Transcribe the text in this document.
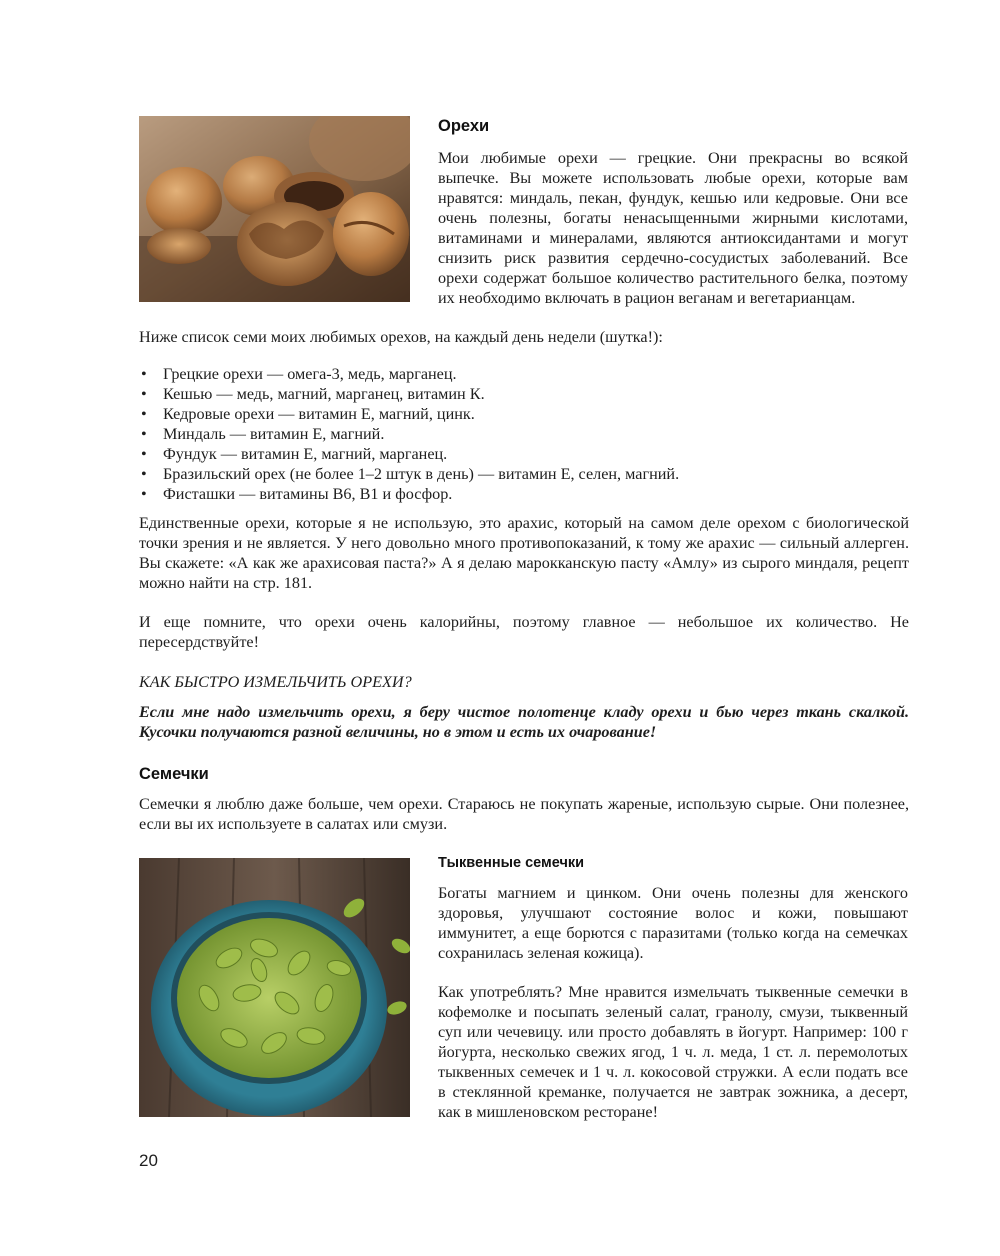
Орехи

Мои любимые орехи — грецкие. Они прекрасны во всякой выпечке. Вы можете использовать любые орехи, которые вам нравятся: миндаль, пекан, фундук, кешью или кедровые. Они все очень полезны, богаты ненасыщенными жирными кислотами, витаминами и минералами, являются антиоксидантами и могут снизить риск развития сердечно-сосудистых заболеваний. Все орехи содержат большое количество растительного белка, поэтому их необходимо включать в рацион веганам и вегетарианцам.

Ниже список семи моих любимых орехов, на каждый день недели (шутка!):

• Грецкие орехи — омега-3, медь, марганец.
• Кешью — медь, магний, марганец, витамин К.
• Кедровые орехи — витамин Е, магний, цинк.
• Миндаль — витамин Е, магний.
• Фундук — витамин Е, магний, марганец.
• Бразильский орех (не более 1–2 штук в день) — витамин Е, селен, магний.
• Фисташки — витамины В6, В1 и фосфор.

Единственные орехи, которые я не использую, это арахис, который на самом деле орехом с биологической точки зрения и не является. У него довольно много противопоказаний, к тому же арахис — сильный аллерген. Вы скажете: «А как же арахисовая паста?» А я делаю марокканскую пасту «Амлу» из сырого миндаля, рецепт можно найти на стр. 181.

И еще помните, что орехи очень калорийны, поэтому главное — небольшое их количество. Не пересердствуйте!

КАК БЫСТРО ИЗМЕЛЬЧИТЬ ОРЕХИ?

Если мне надо измельчить орехи, я беру чистое полотенце кладу орехи и бью через ткань скалкой. Кусочки получаются разной величины, но в этом и есть их очарование!

Семечки

Семечки я люблю даже больше, чем орехи. Стараюсь не покупать жареные, использую сырые. Они полезнее, если вы их используете в салатах или смузи.

Тыквенные семечки

Богаты магнием и цинком. Они очень полезны для женского здоровья, улучшают состояние волос и кожи, повышают иммунитет, а еще борются с паразитами (только когда на семечках сохранилась зеленая кожица).

Как употреблять? Мне нравится измельчать тыквенные семечки в кофемолке и посыпать зеленый салат, гранолу, смузи, тыквенный суп или чечевицу. или просто добавлять в йогурт. Например: 100 г йогурта, несколько свежих ягод, 1 ч. л. меда, 1 ст. л. перемолотых тыквенных семечек и 1 ч. л. кокосовой стружки. А если подать все в стеклянной креманке, получается не завтрак зожника, а десерт, как в мишленовском ресторане!

20
